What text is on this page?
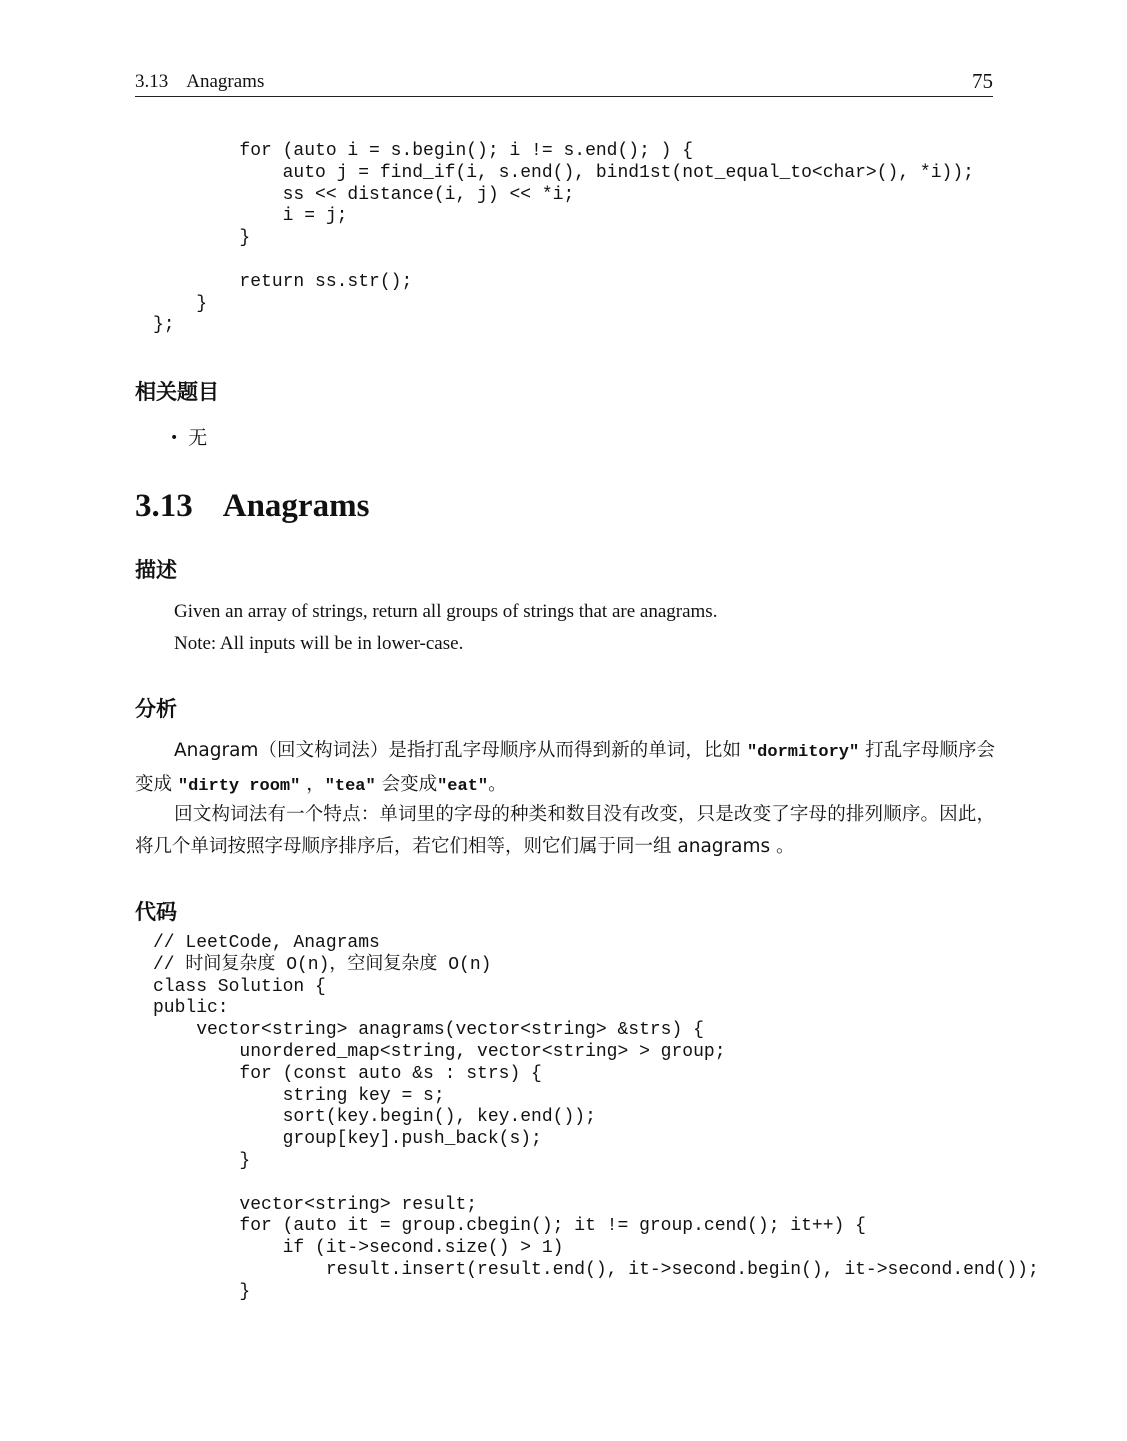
3.13 Anagrams	75
for (auto i = s.begin(); i != s.end(); ) {
auto j = find_if(i, s.end(), bind1st(not_equal_to<char>(), *i));
ss << distance(i, j) << *i;
i = j;
}

return ss.str();
}
};
相关题目
• 无
3.13 Anagrams
描述
Given an array of strings, return all groups of strings that are anagrams.
Note: All inputs will be in lower-case.
分析
Anagram（回文构词法）是指打乱字母顺序从而得到新的单词，比如 "dormitory" 打乱字母顺序会变成 "dirty room" ，"tea" 会变成"eat"。
回文构词法有一个特点：单词里的字母的种类和数目没有改变，只是改变了字母的排列顺序。因此，将几个单词按照字母顺序排序后，若它们相等，则它们属于同一组 anagrams 。
代码
// LeetCode, Anagrams
// 时间复杂度 O(n)，空间复杂度 O(n)
class Solution {
public:
vector<string> anagrams(vector<string> &strs) {
unordered_map<string, vector<string> > group;
for (const auto &s : strs) {
string key = s;
sort(key.begin(), key.end());
group[key].push_back(s);
}

vector<string> result;
for (auto it = group.cbegin(); it != group.cend(); it++) {
if (it->second.size() > 1)
result.insert(result.end(), it->second.begin(), it->second.end());
}
